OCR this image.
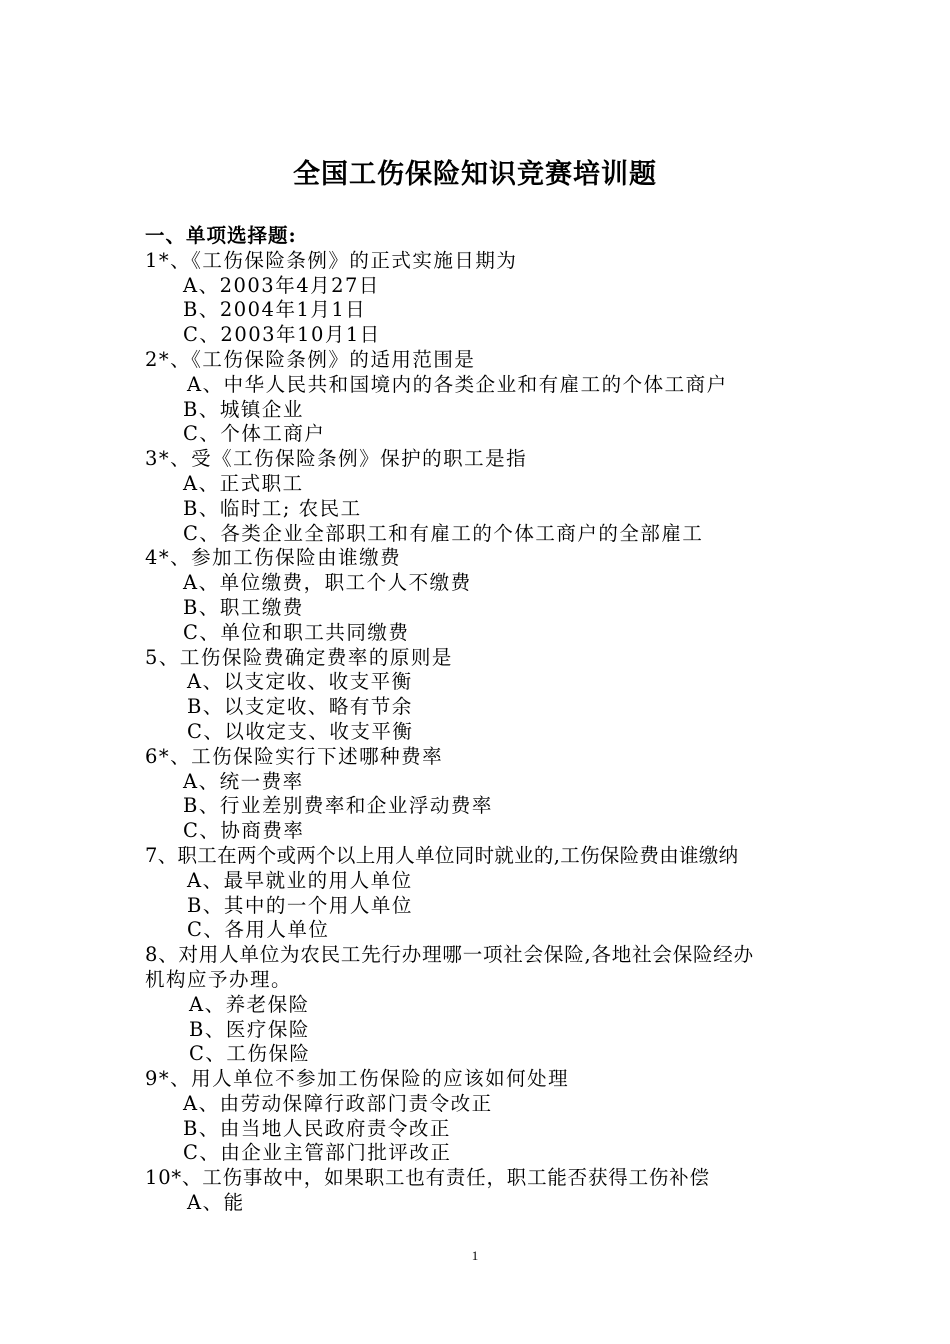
全国工伤保险知识竞赛培训题
一、单项选择题:
1*、《工伤保险条例》的正式实施日期为
A、2003年4月27日
B、2004年1月1日
C、2003年10月1日
2*、《工伤保险条例》的适用范围是
A、中华人民共和国境内的各类企业和有雇工的个体工商户
B、城镇企业
C、个体工商户
3*、受《工伤保险条例》保护的职工是指
A、正式职工
B、临时工; 农民工
C、各类企业全部职工和有雇工的个体工商户的全部雇工
4*、参加工伤保险由谁缴费
A、单位缴费，职工个人不缴费
B、职工缴费
C、单位和职工共同缴费
5、工伤保险费确定费率的原则是
A、以支定收、收支平衡
B、以支定收、略有节余
C、以收定支、收支平衡
6*、工伤保险实行下述哪种费率
A、统一费率
B、行业差别费率和企业浮动费率
C、协商费率
7、职工在两个或两个以上用人单位同时就业的,工伤保险费由谁缴纳
A、最早就业的用人单位
B、其中的一个用人单位
C、各用人单位
8、对用人单位为农民工先行办理哪一项社会保险,各地社会保险经办
机构应予办理。
A、养老保险
B、医疗保险
C、工伤保险
9*、用人单位不参加工伤保险的应该如何处理
A、由劳动保障行政部门责令改正
B、由当地人民政府责令改正
C、由企业主管部门批评改正
10*、工伤事故中，如果职工也有责任，职工能否获得工伤补偿
A、能
1
